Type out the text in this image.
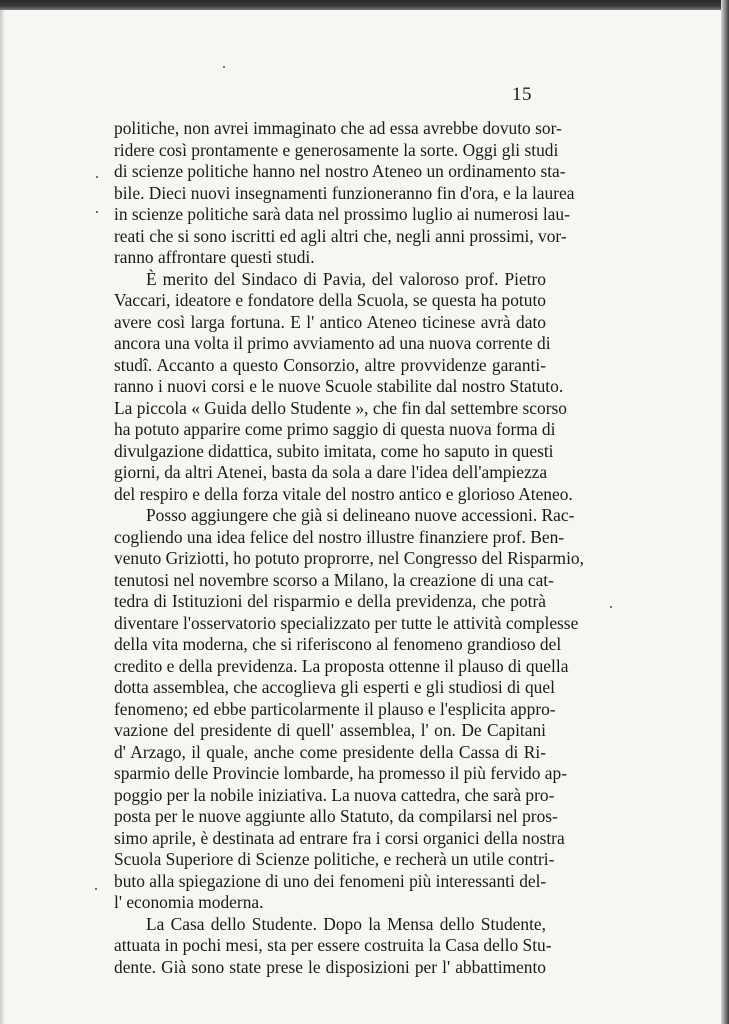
15
politiche, non avrei immaginato che ad essa avrebbe dovuto sor-
ridere così prontamente e generosamente la sorte. Oggi gli studi
di scienze politiche hanno nel nostro Ateneo un ordinamento sta-
bile. Dieci nuovi insegnamenti funzioneranno fin d'ora, e la laurea
in scienze politiche sarà data nel prossimo luglio ai numerosi lau-
reati che si sono iscritti ed agli altri che, negli anni prossimi, vor-
ranno affrontare questi studi.
È merito del Sindaco di Pavia, del valoroso prof. Pietro
Vaccari, ideatore e fondatore della Scuola, se questa ha potuto
avere così larga fortuna. E l' antico Ateneo ticinese avrà dato
ancora una volta il primo avviamento ad una nuova corrente di
studî. Accanto a questo Consorzio, altre provvidenze garanti-
ranno i nuovi corsi e le nuove Scuole stabilite dal nostro Statuto.
La piccola « Guida dello Studente », che fin dal settembre scorso
ha potuto apparire come primo saggio di questa nuova forma di
divulgazione didattica, subito imitata, come ho saputo in questi
giorni, da altri Atenei, basta da sola a dare l'idea dell'ampiezza
del respiro e della forza vitale del nostro antico e glorioso Ateneo.
Posso aggiungere che già si delineano nuove accessioni. Rac-
cogliendo una idea felice del nostro illustre finanziere prof. Ben-
venuto Griziotti, ho potuto proprorre, nel Congresso del Risparmio,
tenutosi nel novembre scorso a Milano, la creazione di una cat-
tedra di Istituzioni del risparmio e della previdenza, che potrà
diventare l'osservatorio specializzato per tutte le attività complesse
della vita moderna, che si riferiscono al fenomeno grandioso del
credito e della previdenza. La proposta ottenne il plauso di quella
dotta assemblea, che accoglieva gli esperti e gli studiosi di quel
fenomeno; ed ebbe particolarmente il plauso e l'esplicita appro-
vazione del presidente di quell' assemblea, l' on. De Capitani
d' Arzago, il quale, anche come presidente della Cassa di Ri-
sparmio delle Provincie lombarde, ha promesso il più fervido ap-
poggio per la nobile iniziativa. La nuova cattedra, che sarà pro-
posta per le nuove aggiunte allo Statuto, da compilarsi nel pros-
simo aprile, è destinata ad entrare fra i corsi organici della nostra
Scuola Superiore di Scienze politiche, e recherà un utile contri-
buto alla spiegazione di uno dei fenomeni più interessanti del-
l' economia moderna.
La Casa dello Studente. Dopo la Mensa dello Studente,
attuata in pochi mesi, sta per essere costruita la Casa dello Stu-
dente. Già sono state prese le disposizioni per l' abbattimento
